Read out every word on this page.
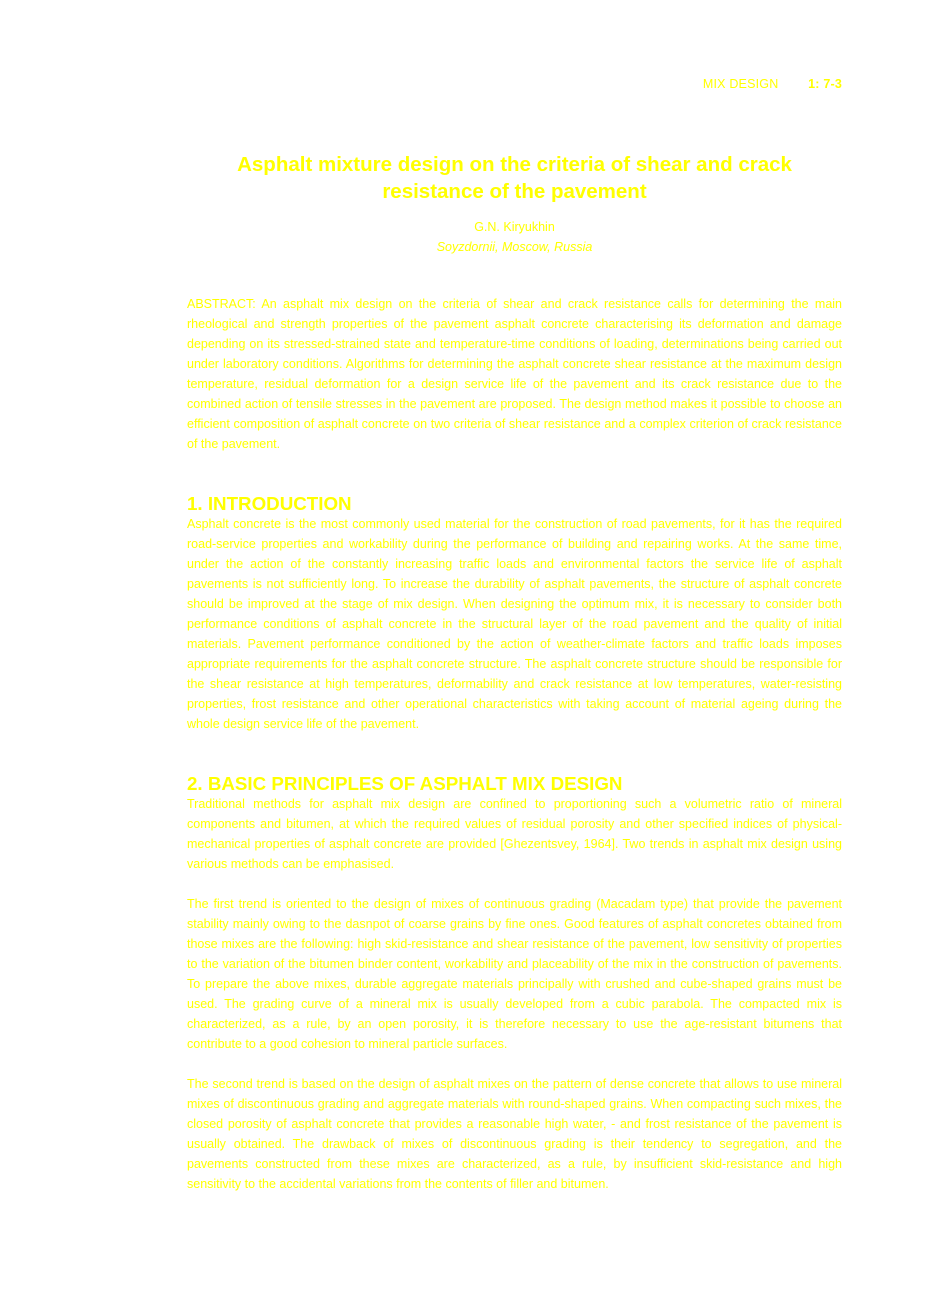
MIX DESIGN 1: 7-3
Asphalt mixture design on the criteria of shear and crack resistance of the pavement
G.N. Kiryukhin
Soyzdornii, Moscow, Russia

ABSTRACT: An asphalt mix design on the criteria of shear and crack resistance calls for determining the main rheological and strength properties of the pavement asphalt concrete characterising its deformation and damage depending on its stressed-strained state and temperature-time conditions of loading, determinations being carried out under laboratory conditions. Algorithms for determining the asphalt concrete shear resistance at the maximum design temperature, residual deformation for a design service life of the pavement and its crack resistance due to the combined action of tensile stresses in the pavement are proposed. The design method makes it possible to choose an efficient composition of asphalt concrete on two criteria of shear resistance and a complex criterion of crack resistance of the pavement.

1. INTRODUCTION

Asphalt concrete is the most commonly used material for the construction of road pavements, for it has the required road-service properties and workability during the performance of building and repairing works. At the same time, under the action of the constantly increasing traffic loads and environmental factors the service life of asphalt pavements is not sufficiently long. To increase the durability of asphalt pavements, the structure of asphalt concrete should be improved at the stage of mix design. When designing the optimum mix, it is necessary to consider both performance conditions of asphalt concrete in the structural layer of the road pavement and the quality of initial materials. Pavement performance conditioned by the action of weather-climate factors and traffic loads imposes appropriate requirements for the asphalt concrete structure. The asphalt concrete structure should be responsible for the shear resistance at high temperatures, deformability and crack resistance at low temperatures, water-resisting properties, frost resistance and other operational characteristics with taking account of material ageing during the whole design service life of the pavement.

2. BASIC PRINCIPLES OF ASPHALT MIX DESIGN

Traditional methods for asphalt mix design are confined to proportioning such a volumetric ratio of mineral components and bitumen, at which the required values of residual porosity and other specified indices of physical-mechanical properties of asphalt concrete are provided [Ghezentsvey, 1964]. Two trends in asphalt mix design using various methods can be emphasised.

The first trend is oriented to the design of mixes of continuous grading (Macadam type) that provide the pavement stability mainly owing to the dasnpot of coarse grains by fine ones. Good features of asphalt concretes obtained from those mixes are the following: high skid-resistance and shear resistance of the pavement, low sensitivity of properties to the variation of the bitumen binder content, workability and placeability of the mix in the construction of pavements. To prepare the above mixes, durable aggregate materials principally with crushed and cube-shaped grains must be used. The grading curve of a mineral mix is usually developed from a cubic parabola. The compacted mix is characterized, as a rule, by an open porosity, it is therefore necessary to use the age-resistant bitumens that contribute to a good cohesion to mineral particle surfaces.

The second trend is based on the design of asphalt mixes on the pattern of dense concrete that allows to use mineral mixes of discontinuous grading and aggregate materials with round-shaped grains. When compacting such mixes, the closed porosity of asphalt concrete that provides a reasonable high water, - and frost resistance of the pavement is usually obtained. The drawback of mixes of discontinuous grading is their tendency to segregation, and the pavements constructed from these mixes are characterized, as a rule, by insufficient skid-resistance and high sensitivity to the accidental variations from the contents of filler and bitumen.
